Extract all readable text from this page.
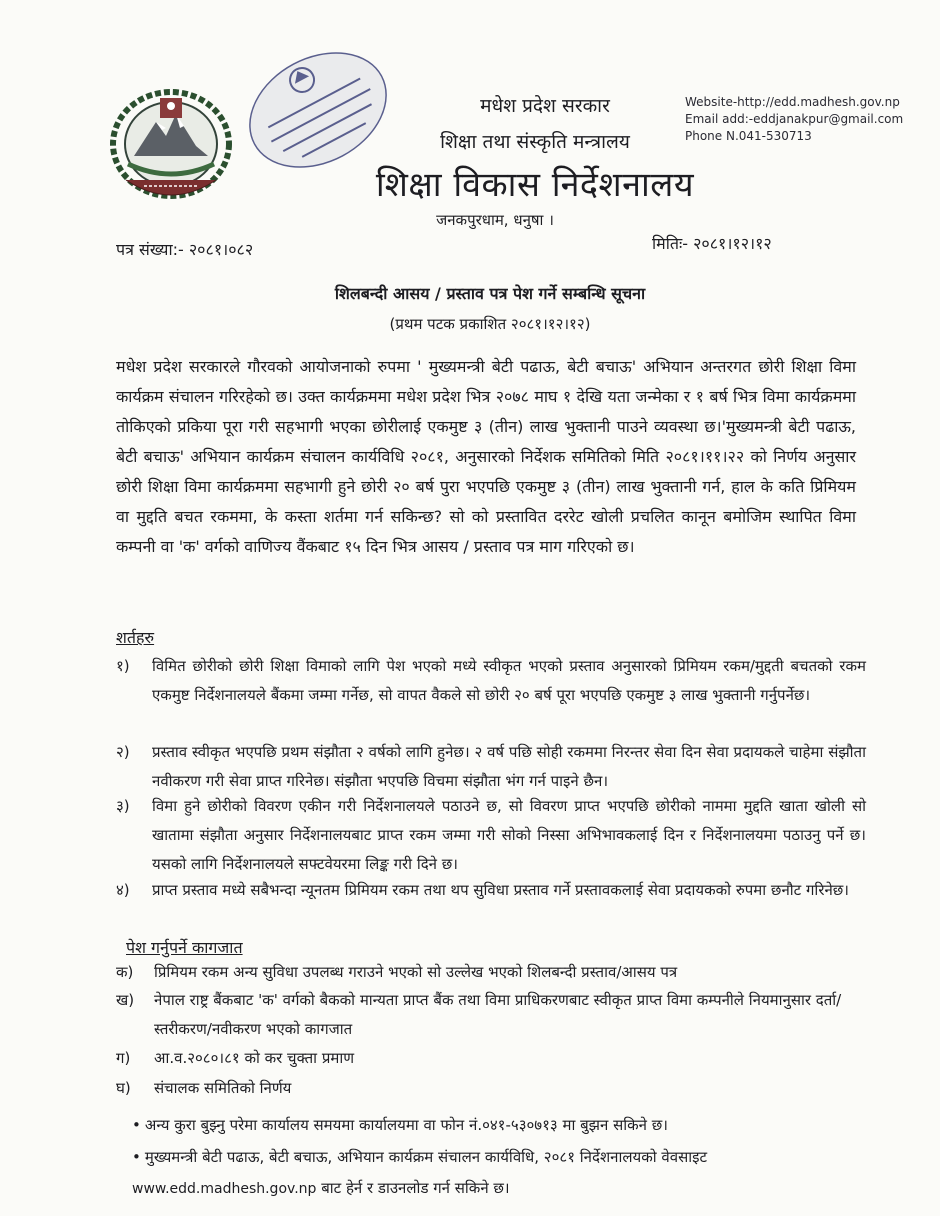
मधेश प्रदेश सरकार
शिक्षा तथा संस्कृति मन्त्रालय
शिक्षा विकास निर्देशनालय
जनकपुरधाम, धनुषा ।
Website-http://edd.madhesh.gov.np
Email add:-eddjanakpur@gmail.com
Phone N.041-530713
पत्र संख्या:- २०८१।०८२	मितिः- २०८१।१२।१२
शिलबन्दी आसय / प्रस्ताव पत्र पेश गर्ने सम्बन्धि सूचना
(प्रथम पटक प्रकाशित २०८१।१२।१२)
मधेश प्रदेश सरकारले गौरवको आयोजनाको रुपमा ' मुख्यमन्त्री बेटी पढाऊ, बेटी बचाऊ' अभियान अन्तरगत छोरी शिक्षा विमा कार्यक्रम संचालन गरिरहेको छ। उक्त कार्यक्रममा मधेश प्रदेश भित्र २०७८ माघ १ देखि यता जन्मेका र १ बर्ष भित्र विमा कार्यक्रममा तोकिएको प्रकिया पूरा गरी सहभागी भएका छोरीलाई एकमुष्ट ३ (तीन) लाख भुक्तानी पाउने व्यवस्था छ।'मुख्यमन्त्री बेटी पढाऊ, बेटी बचाऊ' अभियान कार्यक्रम संचालन कार्यविधि २०८१, अनुसारको निर्देशक समितिको मिति २०८१।११।२२ को निर्णय अनुसार छोरी शिक्षा विमा कार्यक्रममा सहभागी हुने छोरी २० बर्ष पुरा भएपछि एकमुष्ट ३ (तीन) लाख भुक्तानी गर्न, हाल के कति प्रिमियम वा मुद्दति बचत रकममा, के कस्ता शर्तमा गर्न सकिन्छ? सो को प्रस्तावित दररेट खोली प्रचलित कानून बमोजिम स्थापित विमा कम्पनी वा 'क' वर्गको वाणिज्य वैंकबाट १५ दिन भित्र आसय / प्रस्ताव पत्र माग गरिएको छ।
शर्तहरु
१)	विमित छोरीको छोरी शिक्षा विमाको लागि पेश भएको मध्ये स्वीकृत भएको प्रस्ताव अनुसारको प्रिमियम रकम/मुद्दती बचतको रकम एकमुष्ट निर्देशनालयले बैंकमा जम्मा गर्नेछ, सो वापत वैकले सो छोरी २० बर्ष पूरा भएपछि एकमुष्ट ३ लाख भुक्तानी गर्नुपर्नेछ।
२)	प्रस्ताव स्वीकृत भएपछि प्रथम संझौता २ वर्षको लागि हुनेछ। २ वर्ष पछि सोही रकममा निरन्तर सेवा दिन सेवा प्रदायकले चाहेमा संझौता नवीकरण गरी सेवा प्राप्त गरिनेछ। संझौता भएपछि विचमा संझौता भंग गर्न पाइने छैन।
३)	विमा हुने छोरीको विवरण एकीन गरी निर्देशनालयले पठाउने छ, सो विवरण प्राप्त भएपछि छोरीको नाममा मुद्दति खाता खोली सो खातामा संझौता अनुसार निर्देशनालयबाट प्राप्त रकम जम्मा गरी सोको निस्सा अभिभावकलाई दिन र निर्देशनालयमा पठाउनु पर्ने छ।यसको लागि निर्देशनालयले सफ्टवेयरमा लिङ्क गरी दिने छ।
४)	प्राप्त प्रस्ताव मध्ये सबैभन्दा न्यूनतम प्रिमियम रकम तथा थप सुविधा प्रस्ताव गर्ने प्रस्तावकलाई सेवा प्रदायकको रुपमा छनौट गरिनेछ।
पेश गर्नुपर्ने कागजात
क)	प्रिमियम रकम अन्य सुविधा उपलब्ध गराउने भएको सो उल्लेख भएको शिलबन्दी प्रस्ताव/आसय पत्र
ख)	नेपाल राष्ट्र बैंकबाट 'क' वर्गको बैकको मान्यता प्राप्त बैंक तथा विमा प्राधिकरणबाट स्वीकृत प्राप्त विमा कम्पनीले नियमानुसार दर्ता/स्तरीकरण/नवीकरण भएको कागजात
ग)	आ.व.२०८०।८१ को कर चुक्ता प्रमाण
घ)	संचालक समितिको निर्णय
• अन्य कुरा बुझ्नु परेमा कार्यालय समयमा कार्यालयमा वा फोन नं.०४१-५३०७१३ मा बुझन सकिने छ।
• मुख्यमन्त्री बेटी पढाऊ, बेटी बचाऊ, अभियान कार्यक्रम संचालन कार्यविधि, २०८१ निर्देशनालयको वेवसाइट
www.edd.madhesh.gov.np बाट हेर्न र डाउनलोड गर्न सकिने छ।
